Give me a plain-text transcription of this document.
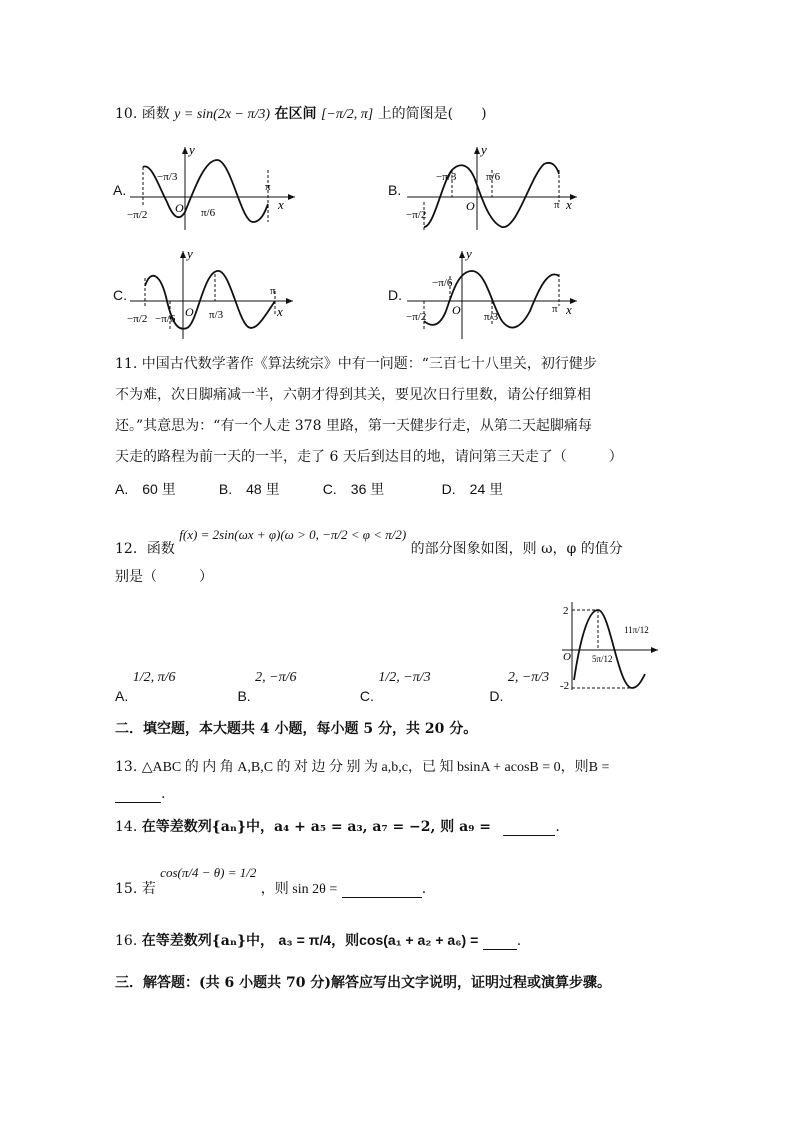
10. 函数 y = sin(2x − π/3) 在区间 [−π/2, π] 上的简图是(　　)
A.
y
x
O
−π/3
−π/2	π/6
π	B.
y
x
O
−π/3	π/6
−π/2
π
C.
y
x
O
−π/2 −π/6	π/3
π	D.
y
x
O
−π/6
−π/2	π/3
π
11. 中国古代数学著作《算法统宗》中有一问题：“三百七十八里关，初行健步
不为难，次日脚痛减一半，六朝才得到其关，要见次日行里数，请公仔细算相
还。”其意思为：“有一个人走 378 里路，第一天健步行走，从第二天起脚痛每
天走的路程为前一天的一半，走了 6 天后到达目的地，请问第三天走了（　　　）
A.　60 里	B.　48 里	C.　36 里	D.　24 里
12．函数 f(x) = 2sin(ωx + φ)(ω > 0, −π/2 < φ < π/2) 的部分图象如图，则 ω，φ 的值分
别是（　　　）
2
-2
O 5π/12
11π/12
A. 1/2, π/6 B. 2, −π/6 C. 1/2, −π/3 D. 2, −π/3
二．填空题，本大题共 4 小题，每小题 5 分，共 20 分。
13. △ABC 的 内 角 A,B,C 的 对 边 分 别 为 a,b,c，已 知 bsinA + acosB = 0，则B =
.
14. 在等差数列{aₙ}中，a₄ + a₅ = a₃, a₇ = −2, 则 a₉ =	.
15. 若 cos(π/4 − θ) = 1/2 ，则 sin 2θ =	.
16. 在等差数列{aₙ}中， a₃ = π/4，则cos(a₁ + a₂ + a₆) =	.
三．解答题：(共 6 小题共 70 分)解答应写出文字说明，证明过程或演算步骤。
